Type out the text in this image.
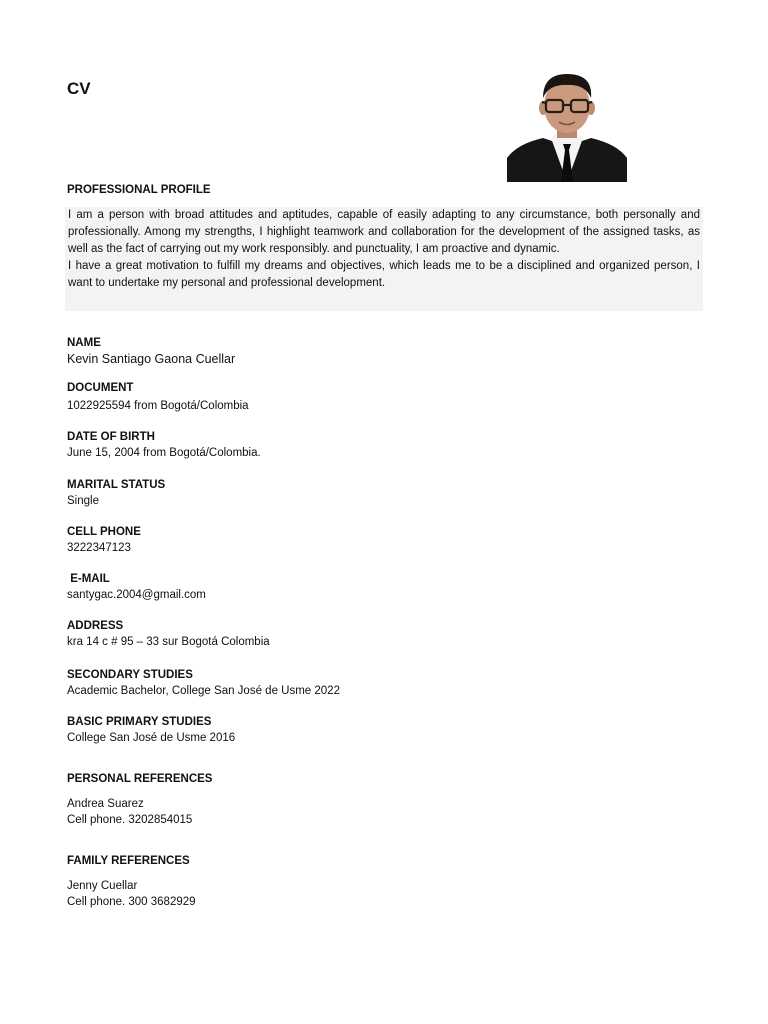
CV
PROFESSIONAL PROFILE

I am a person with broad attitudes and aptitudes, capable of easily adapting to any circumstance, both personally and professionally. Among my strengths, I highlight teamwork and collaboration for the development of the assigned tasks, as well as the fact of carrying out my work responsibly. and punctuality, I am proactive and dynamic.

I have a great motivation to fulfill my dreams and objectives, which leads me to be a disciplined and organized person, I want to undertake my personal and professional development.

NAME
Kevin Santiago Gaona Cuellar
DOCUMENT
1022925594 from Bogotá/Colombia
DATE OF BIRTH
June 15, 2004 from Bogotá/Colombia.
MARITAL STATUS
Single
CELL PHONE
3222347123
E-MAIL
santygac.2004@gmail.com
ADDRESS
kra 14 c # 95 – 33 sur Bogotá Colombia
SECONDARY STUDIES
Academic Bachelor, College San José de Usme 2022
BASIC PRIMARY STUDIES
College San José de Usme 2016
PERSONAL REFERENCES
Andrea Suarez
Cell phone. 3202854015
FAMILY REFERENCES
Jenny Cuellar
Cell phone. 300 3682929
